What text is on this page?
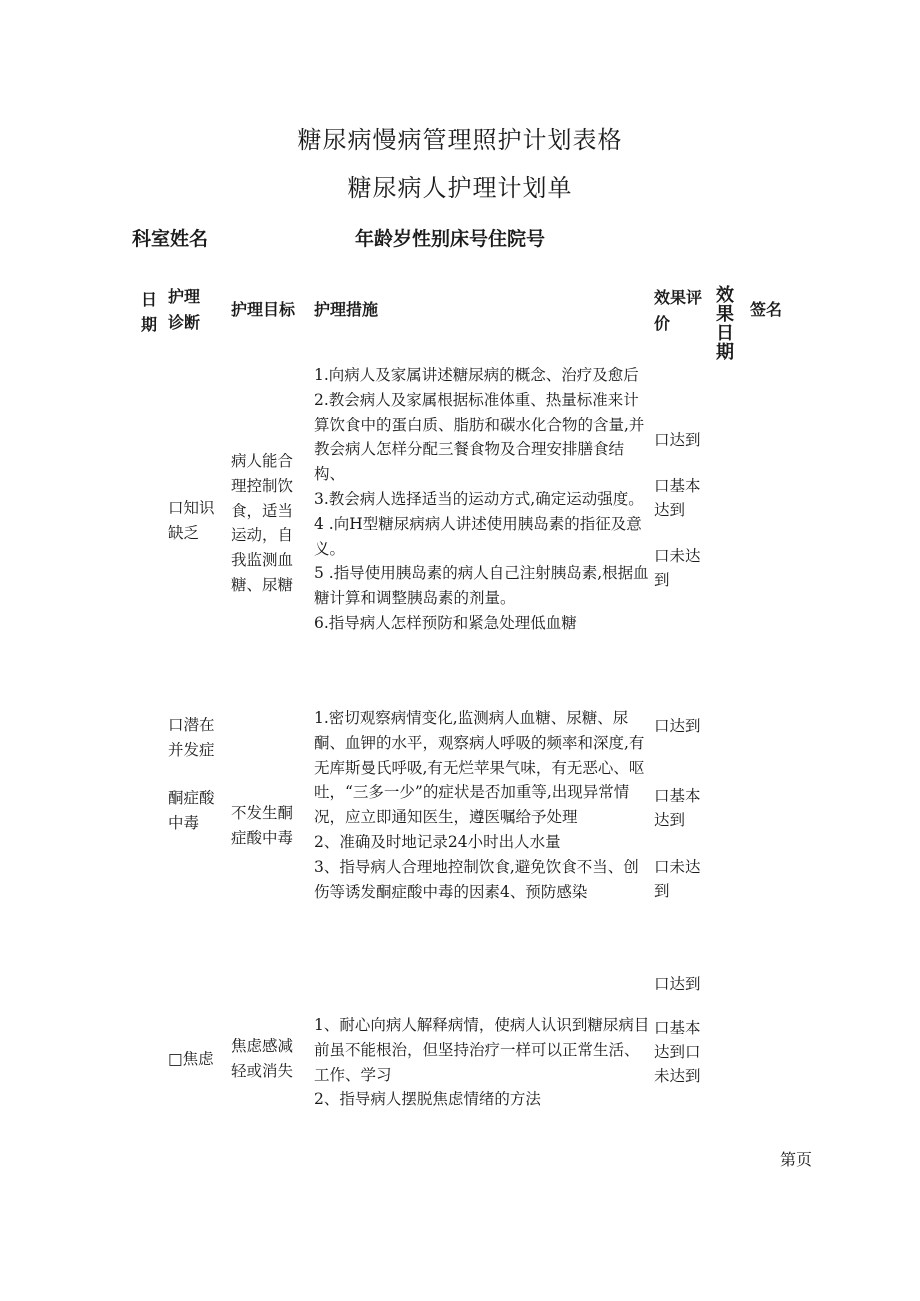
糖尿病慢病管理照护计划表格
糖尿病人护理计划单
科室姓名	年龄岁性别床号住院号
日期
护理诊断
护理目标 护理措施
效果评价
效果日期
签名
口知识缺乏
病人能合理控制饮食，适当运动，自我监测血糖、尿糖
1.向病人及家属讲述糖尿病的概念、治疗及愈后
2.教会病人及家属根据标准体重、热量标准来计算饮食中的蛋白质、脂肪和碳水化合物的含量,并教会病人怎样分配三餐食物及合理安排膳食结构、
3.教会病人选择适当的运动方式,确定运动强度。
4 .向H型糖尿病病人讲述使用胰岛素的指征及意义。
5 .指导使用胰岛素的病人自己注射胰岛素,根据血糖计算和调整胰岛素的剂量。
6.指导病人怎样预防和紧急处理低血糖
口达到
口基本达到
口未达到
口潜在并发症
酮症酸中毒
不发生酮症酸中毒
1.密切观察病情变化,监测病人血糖、尿糖、尿酮、血钾的水平，观察病人呼吸的频率和深度,有无库斯曼氏呼吸,有无烂苹果气味，有无恶心、呕吐，“三多一少”的症状是否加重等,出现异常情况，应立即通知医生，遵医嘱给予处理
2、准确及时地记录24小时出人水量
3、指导病人合理地控制饮食,避免饮食不当、创伤等诱发酮症酸中毒的因素4、预防感染
口达到
口基本达到
口未达到
□焦虑
焦虑感减轻或消失
1、耐心向病人解释病情，使病人认识到糖尿病目前虽不能根治，但坚持治疗一样可以正常生活、工作、学习
2、指导病人摆脱焦虑情绪的方法
口达到
口基本达到口未达到
第页
